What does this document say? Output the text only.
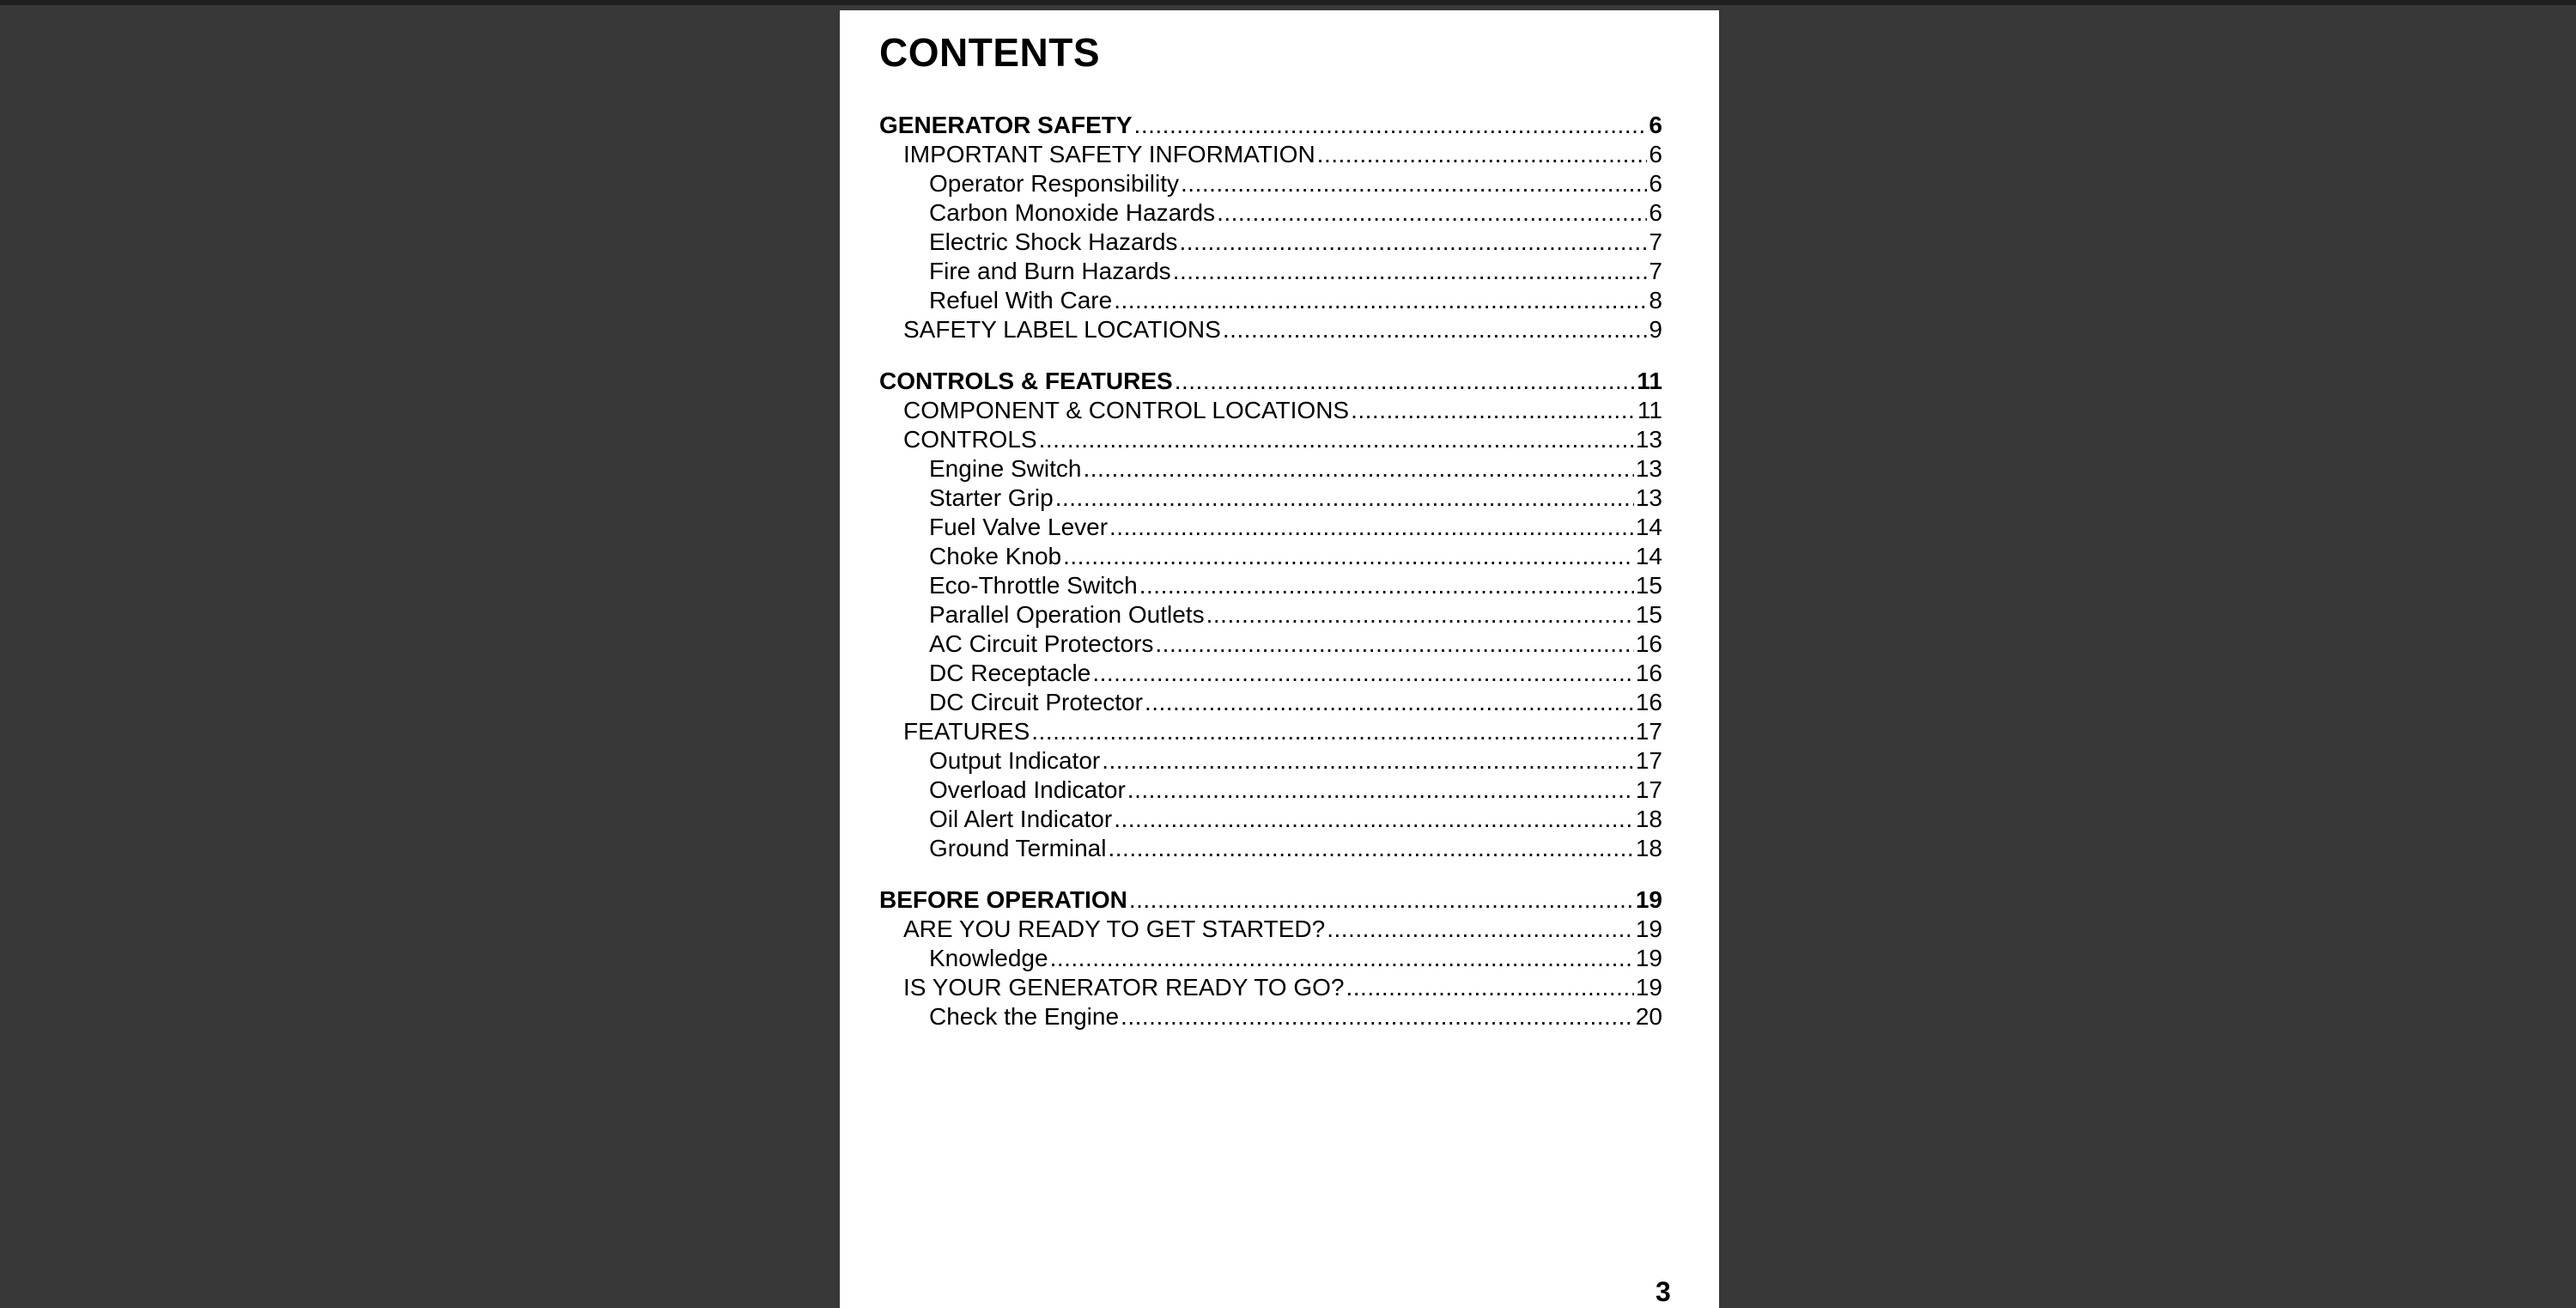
CONTENTS
GENERATOR SAFETY .....	6
IMPORTANT SAFETY INFORMATION .....	6
Operator Responsibility .....	6
Carbon Monoxide Hazards .....	6
Electric Shock Hazards .....	7
Fire and Burn Hazards .....	7
Refuel With Care .....	8
SAFETY LABEL LOCATIONS .....	9
CONTROLS & FEATURES .....	11
COMPONENT & CONTROL LOCATIONS .....	11
CONTROLS .....	13
Engine Switch .....	13
Starter Grip .....	13
Fuel Valve Lever .....	14
Choke Knob .....	14
Eco-Throttle Switch .....	15
Parallel Operation Outlets .....	15
AC Circuit Protectors .....	16
DC Receptacle .....	16
DC Circuit Protector .....	16
FEATURES .....	17
Output Indicator .....	17
Overload Indicator .....	17
Oil Alert Indicator .....	18
Ground Terminal .....	18
BEFORE OPERATION .....	19
ARE YOU READY TO GET STARTED? .....	19
Knowledge .....	19
IS YOUR GENERATOR READY TO GO? .....	19
Check the Engine .....	20
3
